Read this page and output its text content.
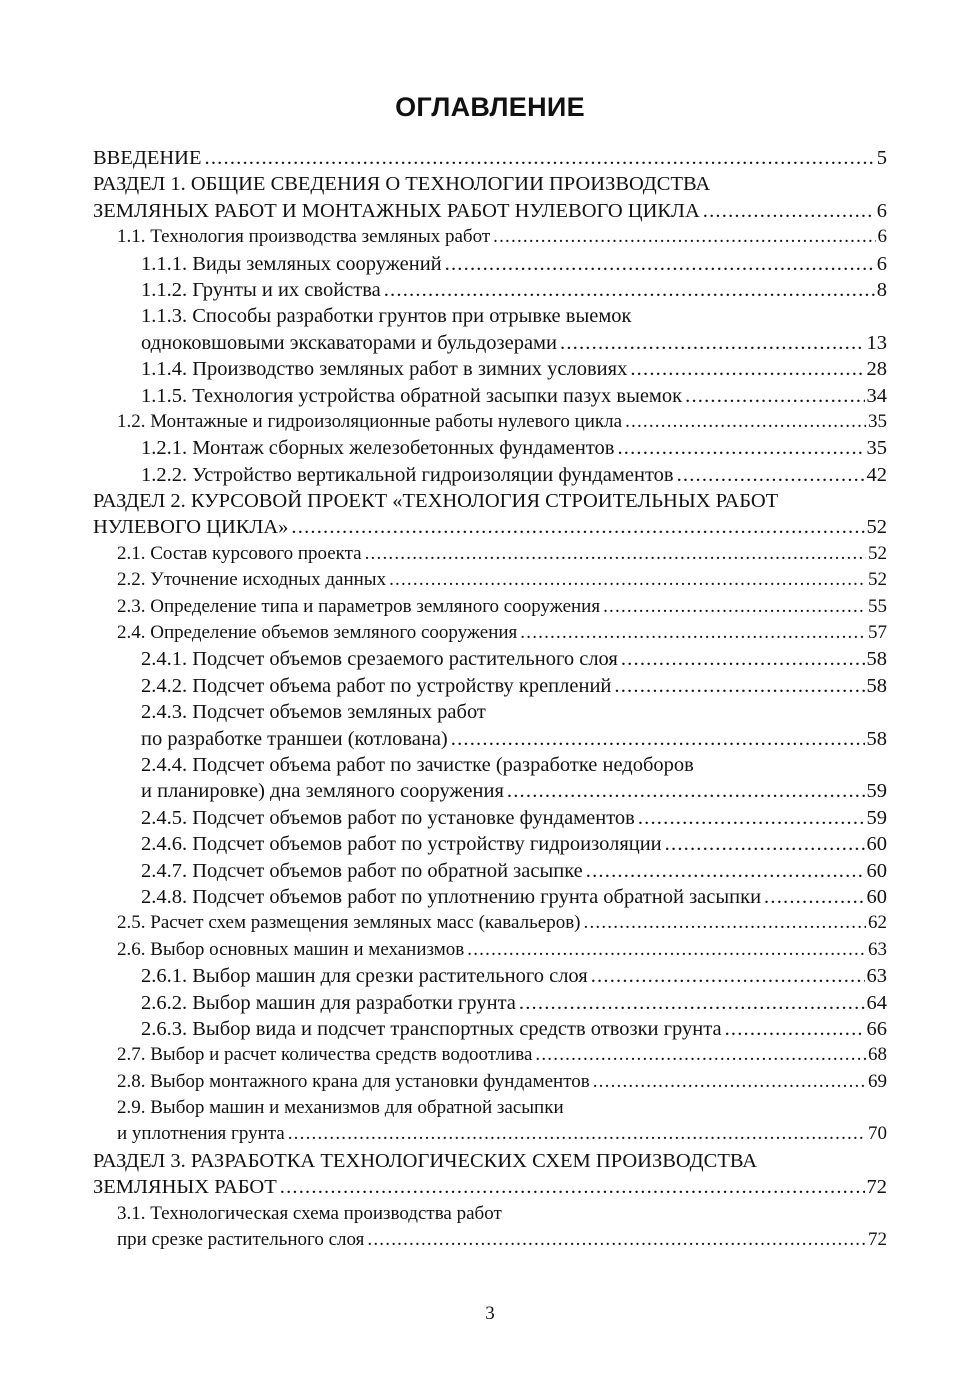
ОГЛАВЛЕНИЕ
ВВЕДЕНИЕ .....	5
РАЗДЕЛ 1. ОБЩИЕ СВЕДЕНИЯ О ТЕХНОЛОГИИ ПРОИЗВОДСТВА
ЗЕМЛЯНЫХ РАБОТ И МОНТАЖНЫХ РАБОТ НУЛЕВОГО ЦИКЛА .....	6
1.1. Технология производства земляных работ .....	6
1.1.1. Виды земляных сооружений .....	6
1.1.2. Грунты и их свойства .....	8
1.1.3. Способы разработки грунтов при отрывке выемок
одноковшовыми экскаваторами и бульдозерами .....	13
1.1.4. Производство земляных работ в зимних условиях .....	28
1.1.5. Технология устройства обратной засыпки пазух выемок .....	34
1.2. Монтажные и гидроизоляционные работы нулевого цикла .....	35
1.2.1. Монтаж сборных железобетонных фундаментов .....	35
1.2.2. Устройство вертикальной гидроизоляции фундаментов .....	42
РАЗДЕЛ 2. КУРСОВОЙ ПРОЕКТ «ТЕХНОЛОГИЯ СТРОИТЕЛЬНЫХ РАБОТ
НУЛЕВОГО ЦИКЛА» .....	52
2.1. Состав курсового проекта .....	52
2.2. Уточнение исходных данных .....	52
2.3. Определение типа и параметров земляного сооружения .....	55
2.4. Определение объемов земляного сооружения .....	57
2.4.1. Подсчет объемов срезаемого растительного слоя .....	58
2.4.2. Подсчет объема работ по устройству креплений .....	58
2.4.3. Подсчет объемов земляных работ
по разработке траншеи (котлована) .....	58
2.4.4. Подсчет объема работ по зачистке (разработке недоборов
и планировке) дна земляного сооружения .....	59
2.4.5. Подсчет объемов работ по установке фундаментов .....	59
2.4.6. Подсчет объемов работ по устройству гидроизоляции .....	60
2.4.7. Подсчет объемов работ по обратной засыпке .....	60
2.4.8. Подсчет объемов работ по уплотнению грунта обратной засыпки .....	60
2.5. Расчет схем размещения земляных масс (кавальеров) .....	62
2.6. Выбор основных машин и механизмов .....	63
2.6.1. Выбор машин для срезки растительного слоя .....	63
2.6.2. Выбор машин для разработки грунта .....	64
2.6.3. Выбор вида и подсчет транспортных средств отвозки грунта .....	66
2.7. Выбор и расчет количества средств водоотлива .....	68
2.8. Выбор монтажного крана для установки фундаментов .....	69
2.9. Выбор машин и механизмов для обратной засыпки
и уплотнения грунта .....	70
РАЗДЕЛ 3. РАЗРАБОТКА ТЕХНОЛОГИЧЕСКИХ СХЕМ ПРОИЗВОДСТВА
ЗЕМЛЯНЫХ РАБОТ .....	72
3.1. Технологическая схема производства работ
при срезке растительного слоя .....	72
3
